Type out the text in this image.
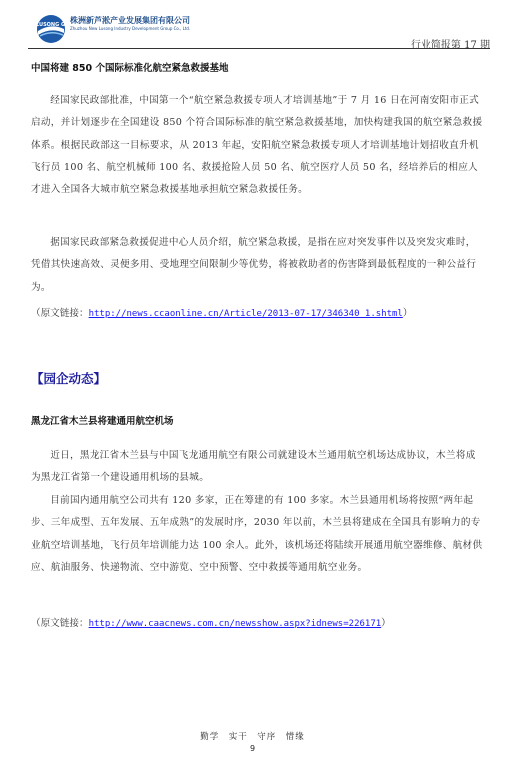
NEW LUSONG GROUP
株洲新芦淞产业发展集团有限公司
Zhuzhou New Lusong Industry Development Group Co., Ltd.
行业简报第 17 期
中国将建 850 个国际标准化航空紧急救援基地

经国家民政部批准，中国第一个“航空紧急救援专项人才培训基地”于 7 月 16 日在河南安阳市正式启动，并计划逐步在全国建设 850 个符合国际标准的航空紧急救援基地，加快构建我国的航空紧急救援体系。根据民政部这一目标要求，从 2013 年起，安阳航空紧急救援专项人才培训基地计划招收直升机飞行员 100 名、航空机械师 100 名、救援抢险人员 50 名、航空医疗人员 50 名，经培养后的相应人才进入全国各大城市航空紧急救援基地承担航空紧急救援任务。

据国家民政部紧急救援促进中心人员介绍，航空紧急救援，是指在应对突发事件以及突发灾难时，凭借其快速高效、灵便多用、受地理空间限制少等优势，将被救助者的伤害降到最低程度的一种公益行为。

（原文链接：http://news.ccaonline.cn/Article/2013-07-17/346340_1.shtml）
【园企动态】
黑龙江省木兰县将建通用航空机场

近日，黑龙江省木兰县与中国飞龙通用航空有限公司就建设木兰通用航空机场达成协议，木兰将成为黑龙江省第一个建设通用机场的县城。

目前国内通用航空公司共有 120 多家，正在筹建的有 100 多家。木兰县通用机场将按照“两年起步、三年成型、五年发展、五年成熟”的发展时序，2030 年以前，木兰县将建成在全国具有影响力的专业航空培训基地，飞行员年培训能力达 100 余人。此外，该机场还将陆续开展通用航空器维修、航材供应、航油服务、快递物流、空中游览、空中预警、空中救援等通用航空业务。

（原文链接：http://www.caacnews.com.cn/newsshow.aspx?idnews=226171）
勤学　实干　守序　惜缘
9
